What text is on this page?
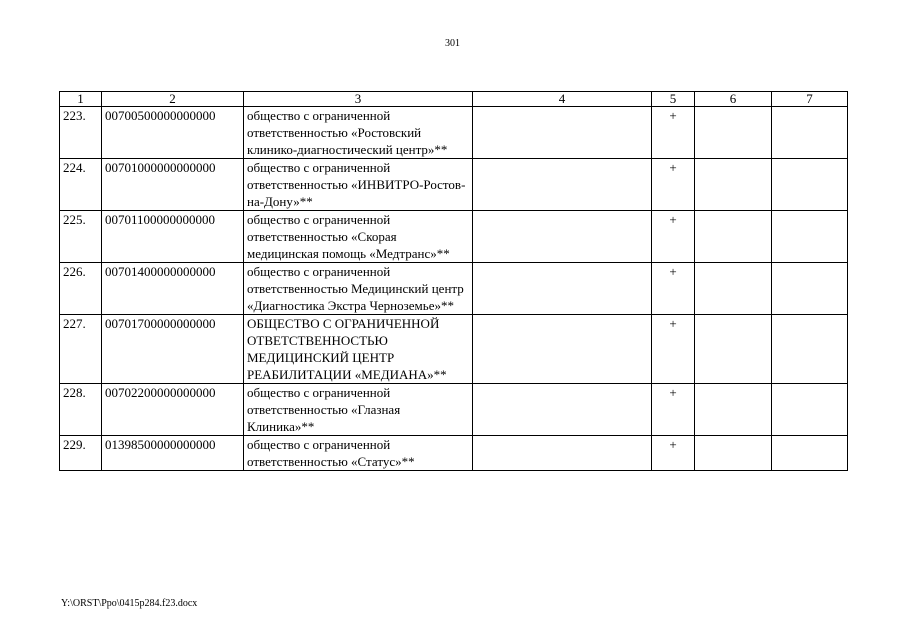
301
1	2	3	4	5	6	7
223.	00700500000000000	общество с ограниченной ответственностью «Ростовский клинико-диагностический центр»**		+		
224.	00701000000000000	общество с ограниченной ответственностью «ИНВИТРО-Ростов-на-Дону»**		+		
225.	00701100000000000	общество с ограниченной ответственностью «Скорая медицинская помощь «Медтранс»**		+		
226.	00701400000000000	общество с ограниченной ответственностью Медицинский центр «Диагностика Экстра Черноземье»**		+		
227.	00701700000000000	ОБЩЕСТВО С ОГРАНИЧЕННОЙ ОТВЕТСТВЕННОСТЬЮ МЕДИЦИНСКИЙ ЦЕНТР РЕАБИЛИТАЦИИ «МЕДИАНА»**		+		
228.	00702200000000000	общество с ограниченной ответственностью «Глазная Клиника»**		+		
229.	01398500000000000	общество с ограниченной ответственностью «Статус»**		+		
Y:\ORST\Ppo\0415p284.f23.docx
